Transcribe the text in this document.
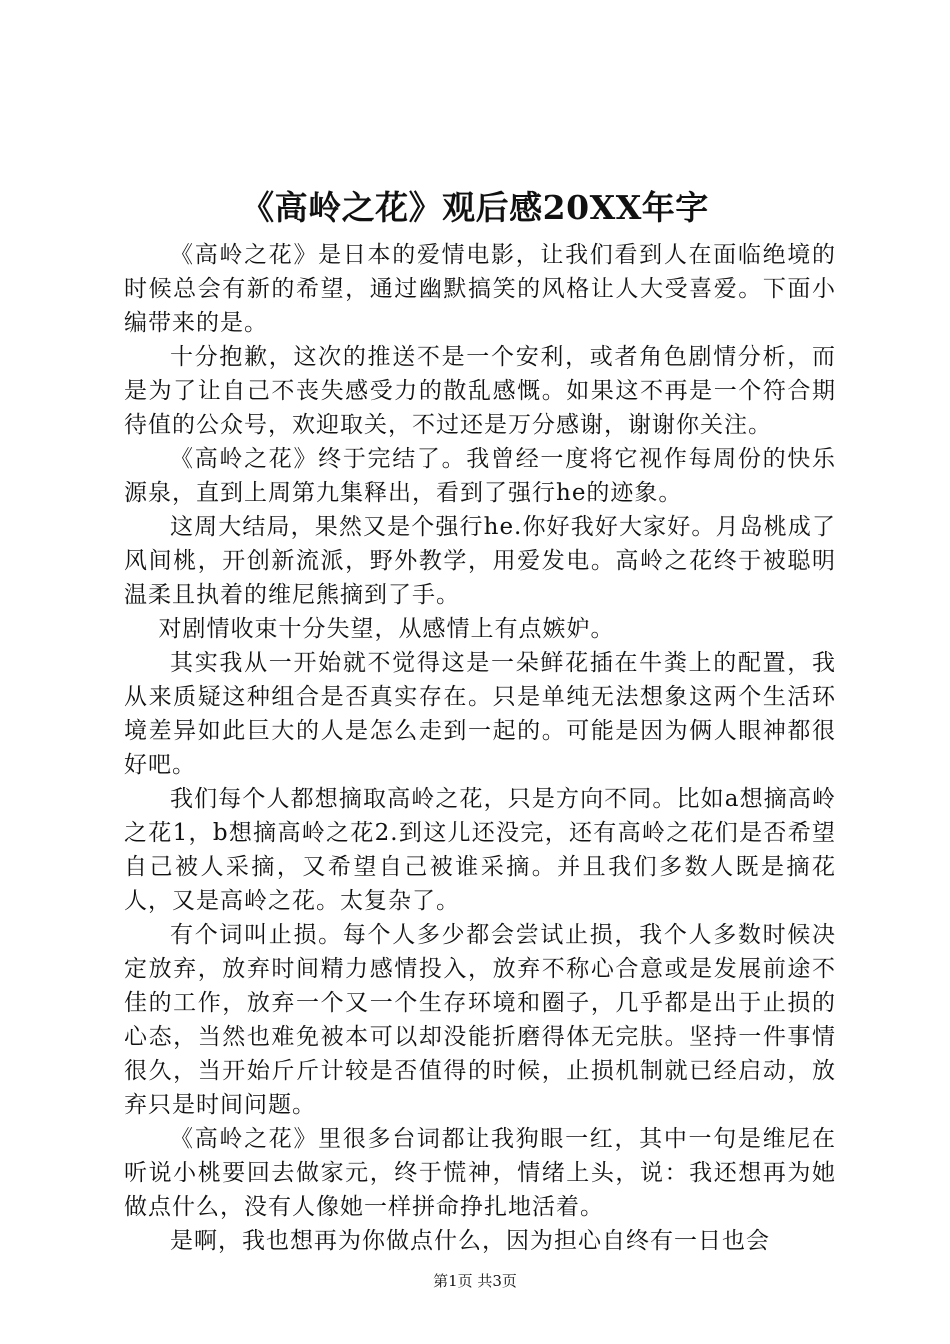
《高岭之花》观后感20XX年字

《高岭之花》是日本的爱情电影，让我们看到人在面临绝境的时候总会有新的希望，通过幽默搞笑的风格让人大受喜爱。下面小编带来的是。

十分抱歉，这次的推送不是一个安利，或者角色剧情分析，而是为了让自己不丧失感受力的散乱感慨。如果这不再是一个符合期待值的公众号，欢迎取关，不过还是万分感谢，谢谢你关注。

《高岭之花》终于完结了。我曾经一度将它视作每周份的快乐源泉，直到上周第九集释出，看到了强行he的迹象。

这周大结局，果然又是个强行he.你好我好大家好。月岛桃成了风间桃，开创新流派，野外教学，用爱发电。高岭之花终于被聪明温柔且执着的维尼熊摘到了手。

对剧情收束十分失望，从感情上有点嫉妒。

其实我从一开始就不觉得这是一朵鲜花插在牛粪上的配置，我从来质疑这种组合是否真实存在。只是单纯无法想象这两个生活环境差异如此巨大的人是怎么走到一起的。可能是因为俩人眼神都很好吧。

我们每个人都想摘取高岭之花，只是方向不同。比如a想摘高岭之花1，b想摘高岭之花2.到这儿还没完，还有高岭之花们是否希望自己被人采摘，又希望自己被谁采摘。并且我们多数人既是摘花人，又是高岭之花。太复杂了。

有个词叫止损。每个人多少都会尝试止损，我个人多数时候决定放弃，放弃时间精力感情投入，放弃不称心合意或是发展前途不佳的工作，放弃一个又一个生存环境和圈子，几乎都是出于止损的心态，当然也难免被本可以却没能折磨得体无完肤。坚持一件事情很久，当开始斤斤计较是否值得的时候，止损机制就已经启动，放弃只是时间问题。

《高岭之花》里很多台词都让我狗眼一红，其中一句是维尼在听说小桃要回去做家元，终于慌神，情绪上头，说：我还想再为她做点什么，没有人像她一样拼命挣扎地活着。

是啊，我也想再为你做点什么，因为担心自终有一日也会

第1页 共3页
